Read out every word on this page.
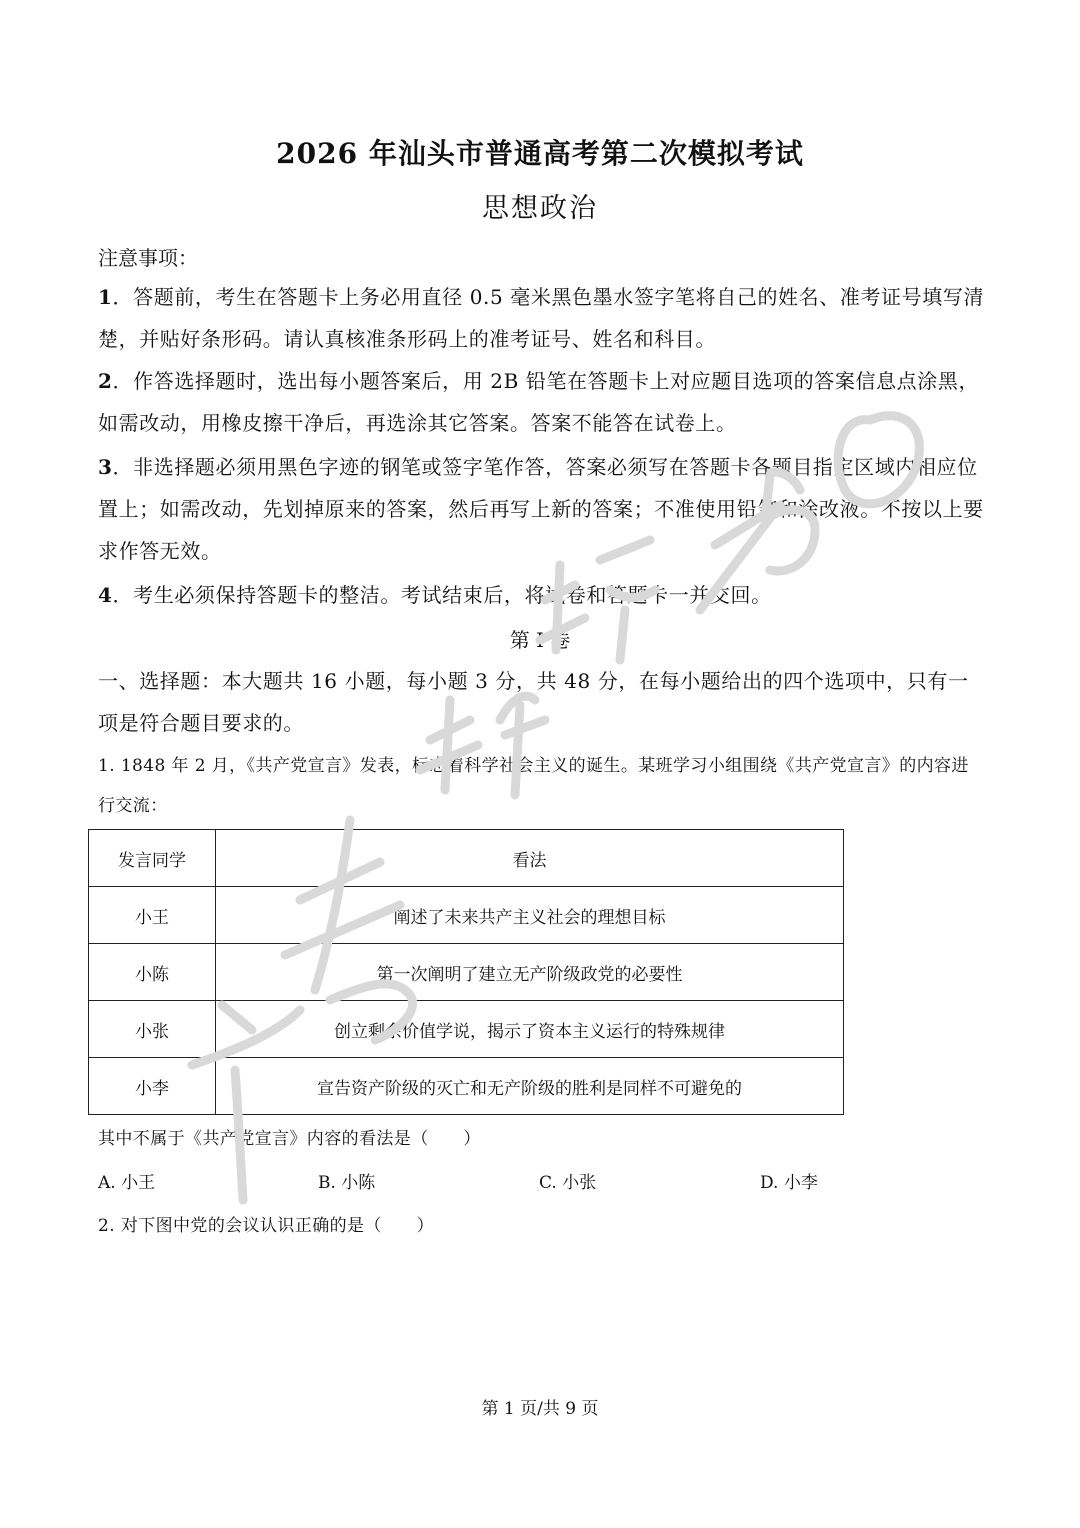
2026 年汕头市普通高考第二次模拟考试
思想政治
注意事项：
1．答题前，考生在答题卡上务必用直径 0.5 毫米黑色墨水签字笔将自己的姓名、准考证号填写清楚，并贴好条形码。请认真核准条形码上的准考证号、姓名和科目。
2．作答选择题时，选出每小题答案后，用 2B 铅笔在答题卡上对应题目选项的答案信息点涂黑，如需改动，用橡皮擦干净后，再选涂其它答案。答案不能答在试卷上。
3．非选择题必须用黑色字迹的钢笔或签字笔作答，答案必须写在答题卡各题目指定区域内相应位置上；如需改动，先划掉原来的答案，然后再写上新的答案；不准使用铅笔和涂改液。不按以上要求作答无效。
4．考生必须保持答题卡的整洁。考试结束后，将试卷和答题卡一并交回。
第 I 卷
一、选择题：本大题共 16 小题，每小题 3 分，共 48 分，在每小题给出的四个选项中，只有一项是符合题目要求的。
1. 1848 年 2 月，《共产党宣言》发表，标志着科学社会主义的诞生。某班学习小组围绕《共产党宣言》的内容进行交流：
发言同学	看法
小王	阐述了未来共产主义社会的理想目标
小陈	第一次阐明了建立无产阶级政党的必要性
小张	创立剩余价值学说，揭示了资本主义运行的特殊规律
小李	宣告资产阶级的灭亡和无产阶级的胜利是同样不可避免的
其中不属于《共产党宣言》内容的看法是（　　）
A. 小王	B. 小陈	C. 小张	D. 小李
2. 对下图中党的会议认识正确的是（　　）
第 1 页/共 9 页
